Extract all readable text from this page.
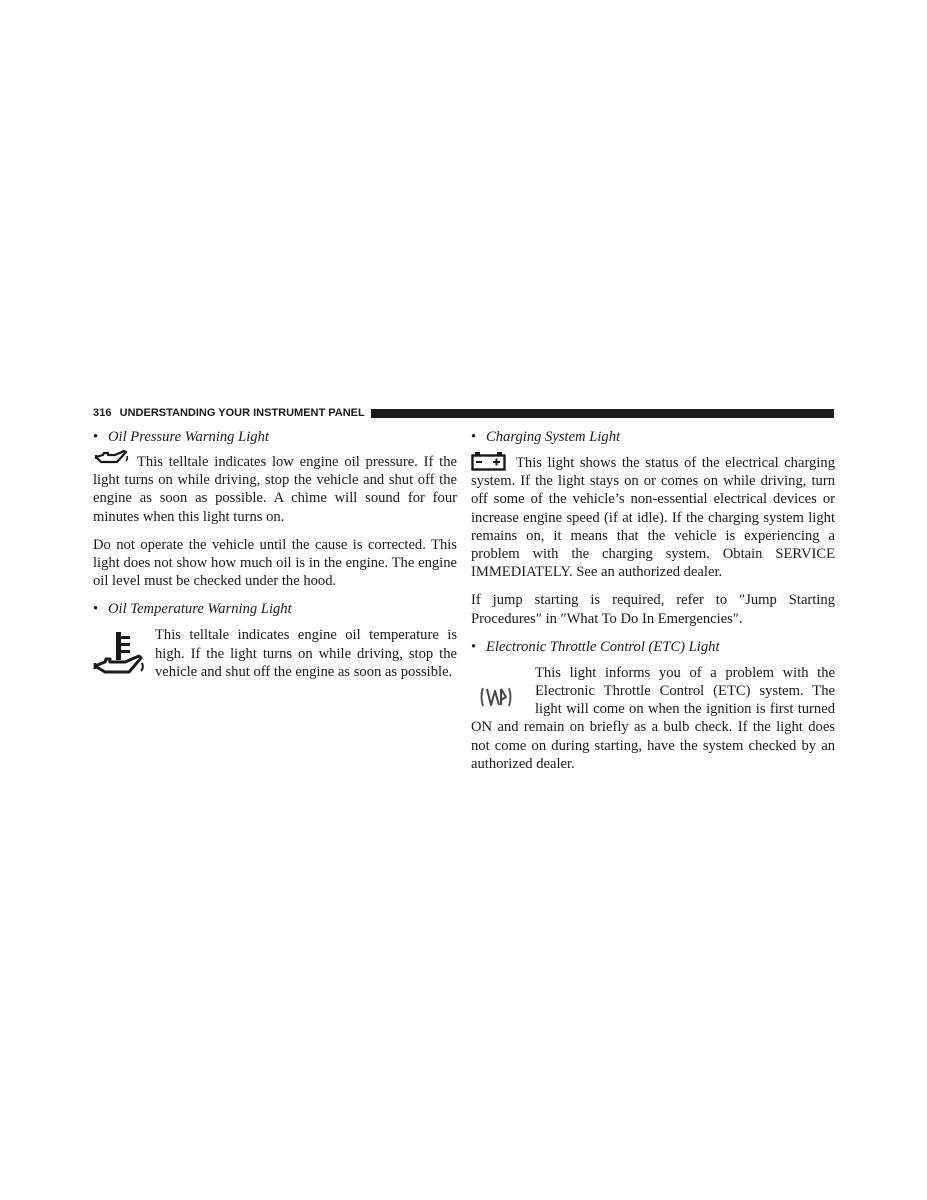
316 UNDERSTANDING YOUR INSTRUMENT PANEL
• Oil Pressure Warning Light

This telltale indicates low engine oil pressure. If the light turns on while driving, stop the vehicle and shut off the engine as soon as possible. A chime will sound for four minutes when this light turns on.

Do not operate the vehicle until the cause is corrected. This light does not show how much oil is in the engine. The engine oil level must be checked under the hood.

• Oil Temperature Warning Light

This telltale indicates engine oil temperature is high. If the light turns on while driving, stop the vehicle and shut off the engine as soon as possible.

• Charging System Light

This light shows the status of the electrical charging system. If the light stays on or comes on while driving, turn off some of the vehicle’s non-essential electrical devices or increase engine speed (if at idle). If the charging system light remains on, it means that the vehicle is experiencing a problem with the charging system. Obtain SERVICE IMMEDIATELY. See an authorized dealer.

If jump starting is required, refer to ″Jump Starting Procedures″ in ″What To Do In Emergencies″.

• Electronic Throttle Control (ETC) Light

This light informs you of a problem with the Electronic Throttle Control (ETC) system. The light will come on when the ignition is first turned ON and remain on briefly as a bulb check. If the light does not come on during starting, have the system checked by an authorized dealer.
